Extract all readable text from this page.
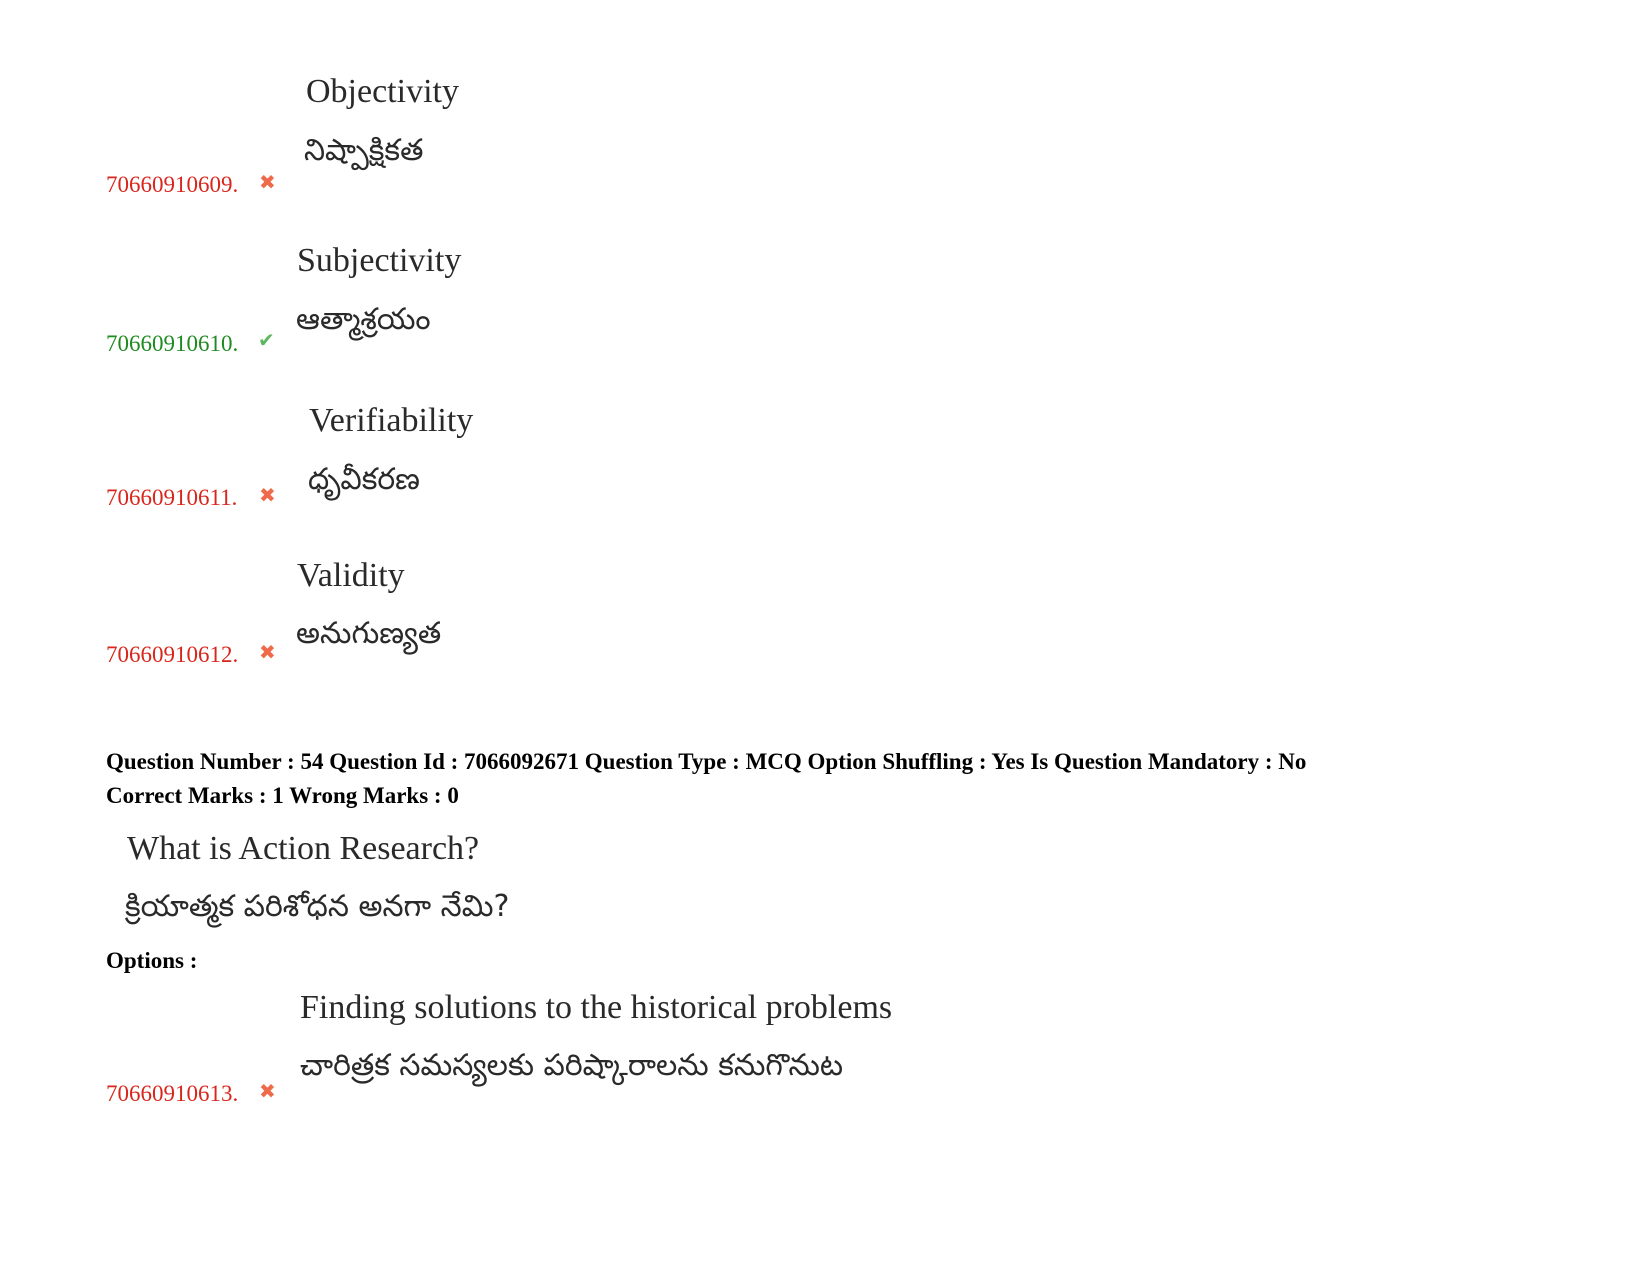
Objectivity
నిష్పాక్షికత
70660910609. ✖
Subjectivity
ఆత్మాశ్రయం
70660910610. ✔
Verifiability
ధృవీకరణ
70660910611. ✖
Validity
అనుగుణ్యత
70660910612. ✖
Question Number : 54 Question Id : 7066092671 Question Type : MCQ Option Shuffling : Yes Is Question Mandatory : No
Correct Marks : 1 Wrong Marks : 0
What is Action Research?
క్రియాత్మక పరిశోధన అనగా నేమి?
Options :
Finding solutions to the historical problems
చారిత్రక సమస్యలకు పరిష్కారాలను కనుగొనుట
70660910613. ✖
